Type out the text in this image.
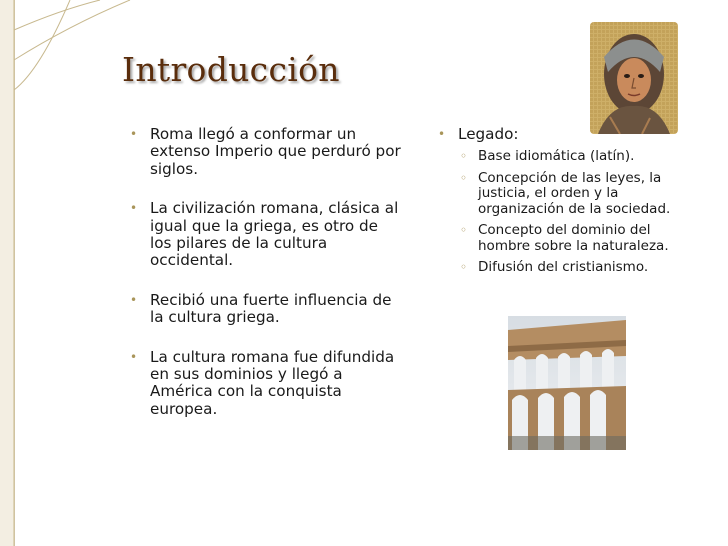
Introducción
• Roma llegó a conformar un extenso Imperio que perduró por siglos.
• La civilización romana, clásica al igual que la griega, es otro de los pilares de la cultura occidental.
• Recibió una fuerte influencia de la cultura griega.
• La cultura romana fue difundida en sus dominios y llegó a América con la conquista europea.
• Legado:
◦ Base idiomática (latín).
◦ Concepción de las leyes, la justicia, el orden y la organización de la sociedad.
◦ Concepto del dominio del hombre sobre la naturaleza.
◦ Difusión del cristianismo.
